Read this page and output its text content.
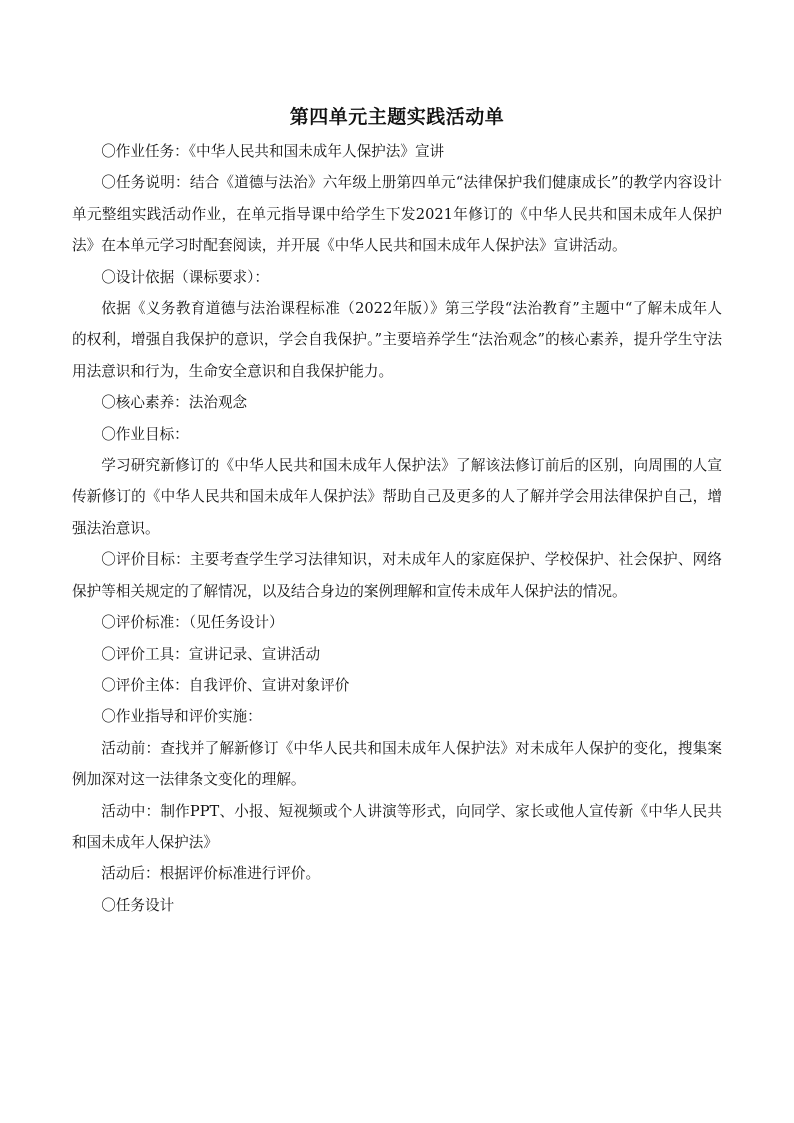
第四单元主题实践活动单

〇作业任务：《中华人民共和国未成年人保护法》宣讲

〇任务说明：结合《道德与法治》六年级上册第四单元“法律保护我们健康成长”的教学内容设计单元整组实践活动作业，在单元指导课中给学生下发2021年修订的《中华人民共和国未成年人保护法》在本单元学习时配套阅读，并开展《中华人民共和国未成年人保护法》宣讲活动。

〇设计依据（课标要求）：

依据《义务教育道德与法治课程标准（2022年版）》第三学段“法治教育”主题中“了解未成年人的权利，增强自我保护的意识，学会自我保护。”主要培养学生“法治观念”的核心素养，提升学生守法用法意识和行为，生命安全意识和自我保护能力。

〇核心素养：法治观念

〇作业目标：

学习研究新修订的《中华人民共和国未成年人保护法》了解该法修订前后的区别，向周围的人宣传新修订的《中华人民共和国未成年人保护法》帮助自己及更多的人了解并学会用法律保护自己，增强法治意识。

〇评价目标：主要考查学生学习法律知识，对未成年人的家庭保护、学校保护、社会保护、网络保护等相关规定的了解情况，以及结合身边的案例理解和宣传未成年人保护法的情况。

〇评价标准：（见任务设计）

〇评价工具：宣讲记录、宣讲活动

〇评价主体：自我评价、宣讲对象评价

〇作业指导和评价实施：

活动前：查找并了解新修订《中华人民共和国未成年人保护法》对未成年人保护的变化，搜集案例加深对这一法律条文变化的理解。

活动中：制作PPT、小报、短视频或个人讲演等形式，向同学、家长或他人宣传新《中华人民共和国未成年人保护法》

活动后：根据评价标准进行评价。

〇任务设计
